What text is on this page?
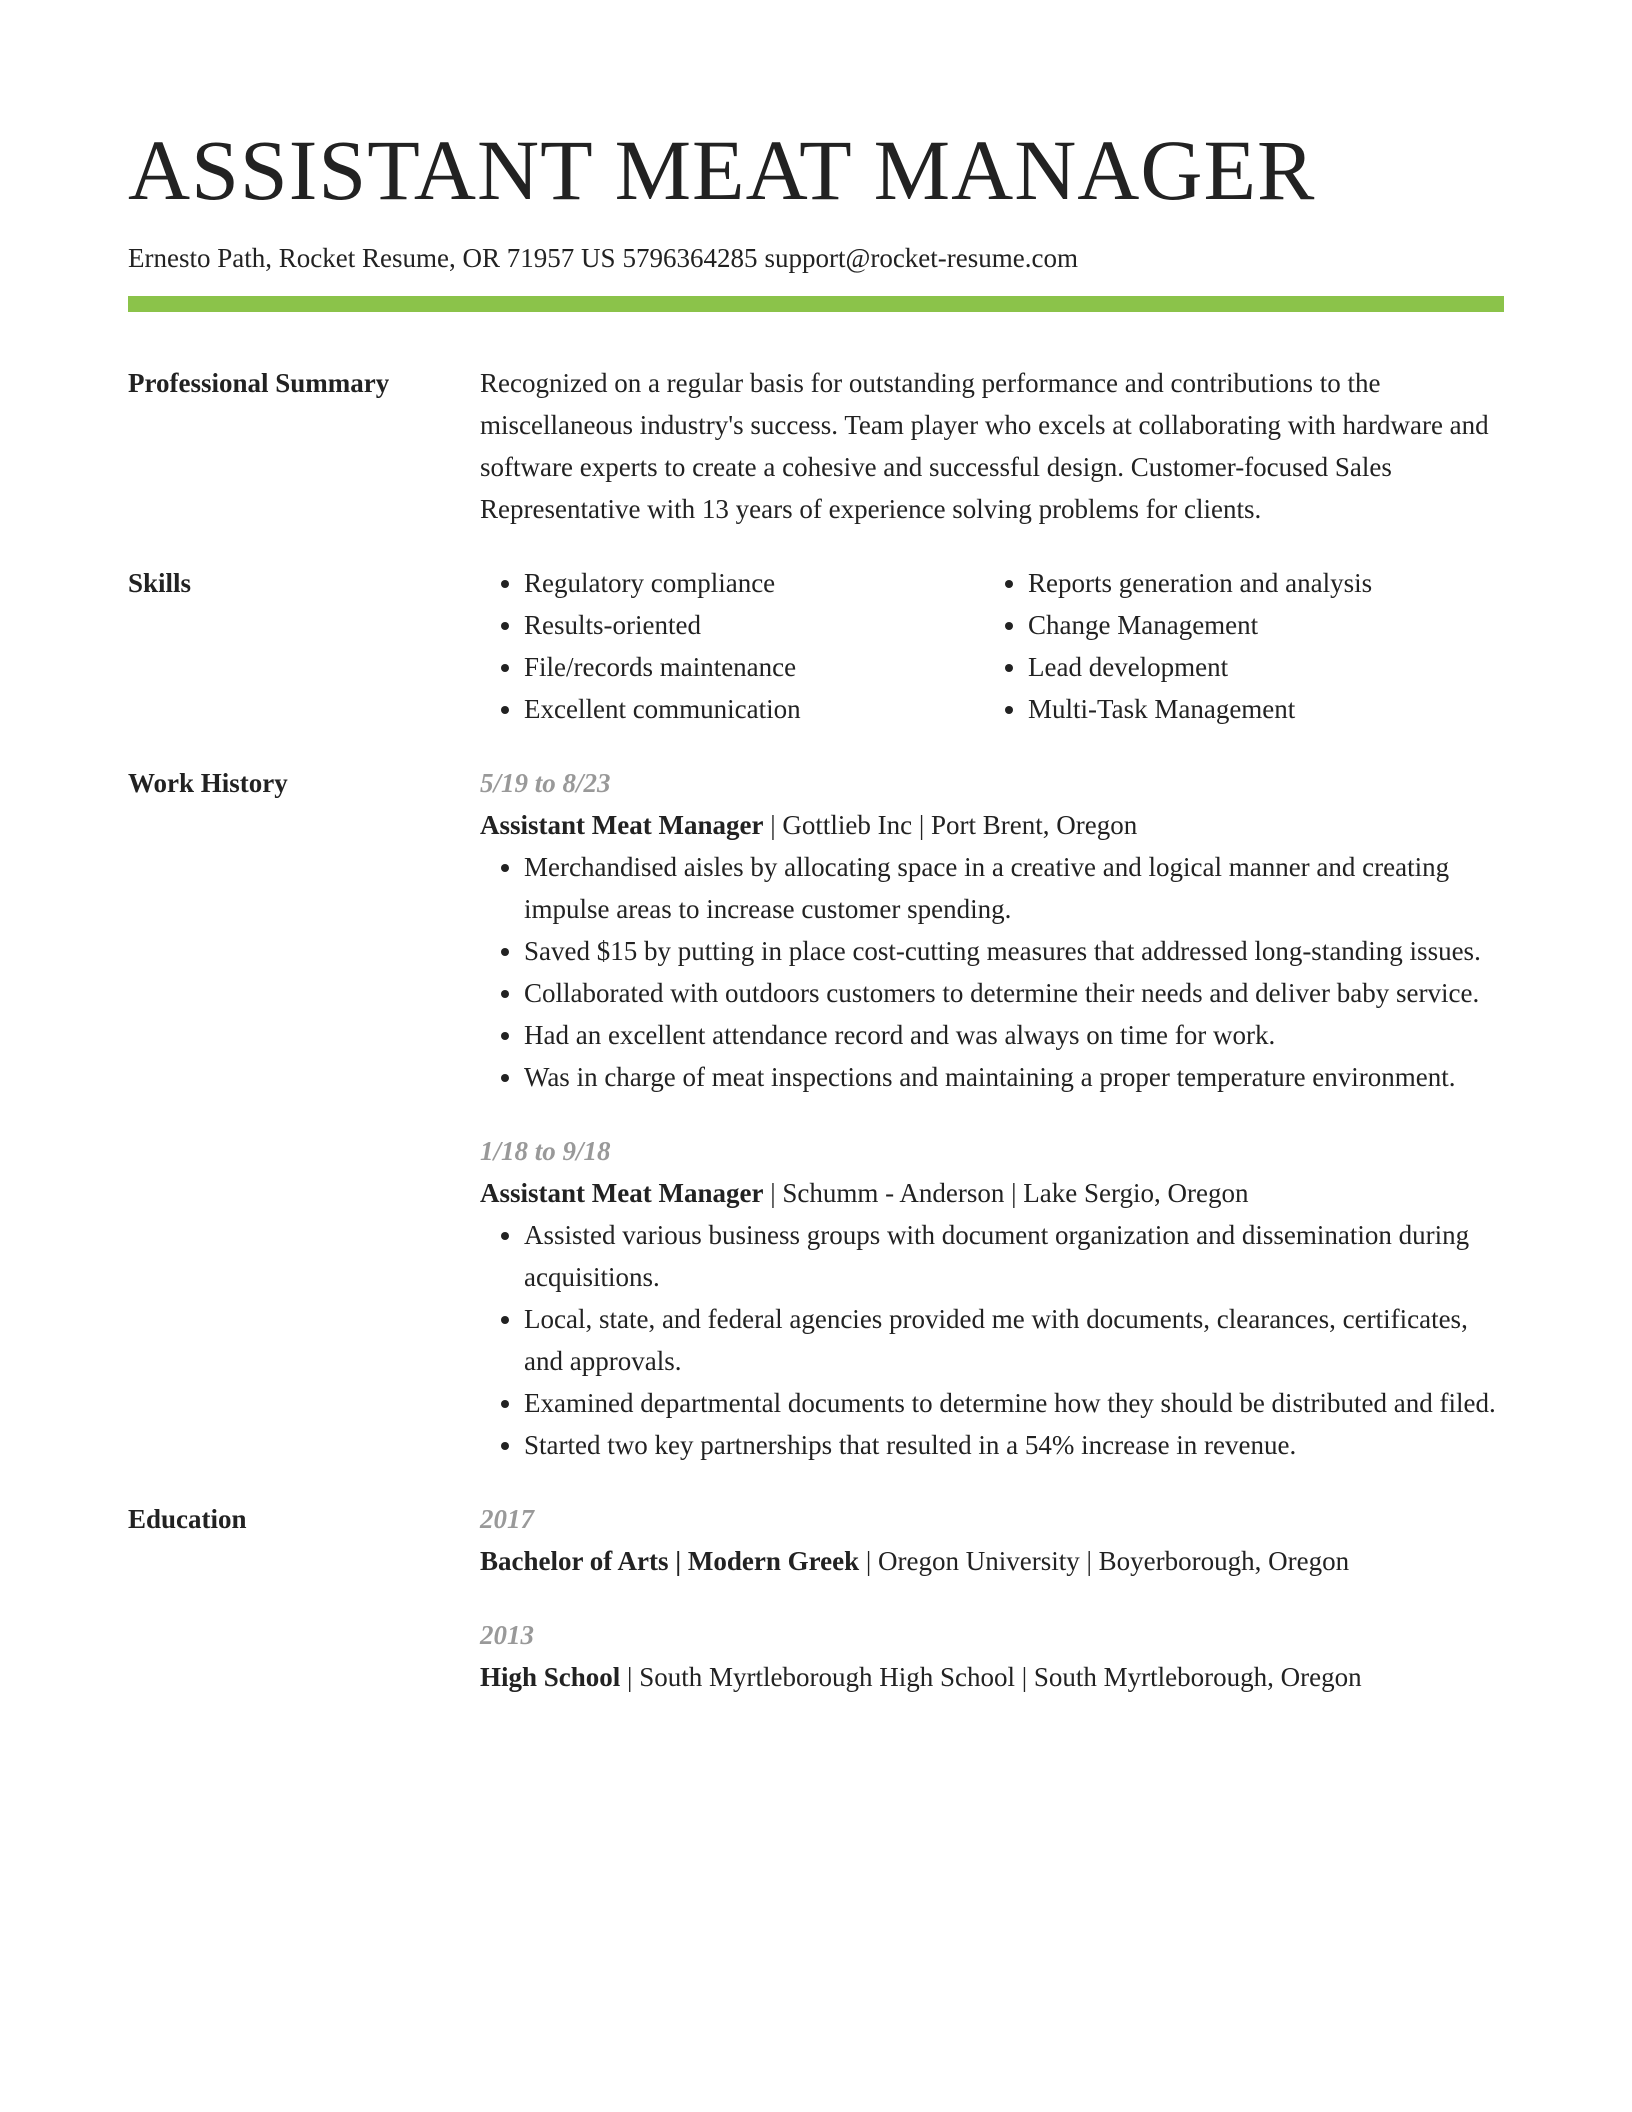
ASSISTANT MEAT MANAGER
Ernesto Path, Rocket Resume, OR 71957 US 5796364285 support@rocket-resume.com
Professional Summary	Recognized on a regular basis for outstanding performance and contributions to the miscellaneous industry's success. Team player who excels at collaborating with hardware and software experts to create a cohesive and successful design. Customer-focused Sales Representative with 13 years of experience solving problems for clients.
Skills
•	Regulatory compliance
• Results-oriented
• File/records maintenance
• Excellent communication
• Reports generation and analysis
• Change Management
• Lead development
• Multi-Task Management
Work History	5/19 to 8/23
Assistant Meat Manager | Gottlieb Inc | Port Brent, Oregon
• Merchandised aisles by allocating space in a creative and logical manner and creating impulse areas to increase customer spending.
• Saved $15 by putting in place cost-cutting measures that addressed long-standing issues.
• Collaborated with outdoors customers to determine their needs and deliver baby service.
• Had an excellent attendance record and was always on time for work.
• Was in charge of meat inspections and maintaining a proper temperature environment.
1/18 to 9/18
Assistant Meat Manager | Schumm - Anderson | Lake Sergio, Oregon
• Assisted various business groups with document organization and dissemination during acquisitions.
• Local, state, and federal agencies provided me with documents, clearances, certificates, and approvals.
• Examined departmental documents to determine how they should be distributed and filed.
• Started two key partnerships that resulted in a 54% increase in revenue.
Education	2017
Bachelor of Arts | Modern Greek | Oregon University | Boyerborough, Oregon
2013
High School | South Myrtleborough High School | South Myrtleborough, Oregon
